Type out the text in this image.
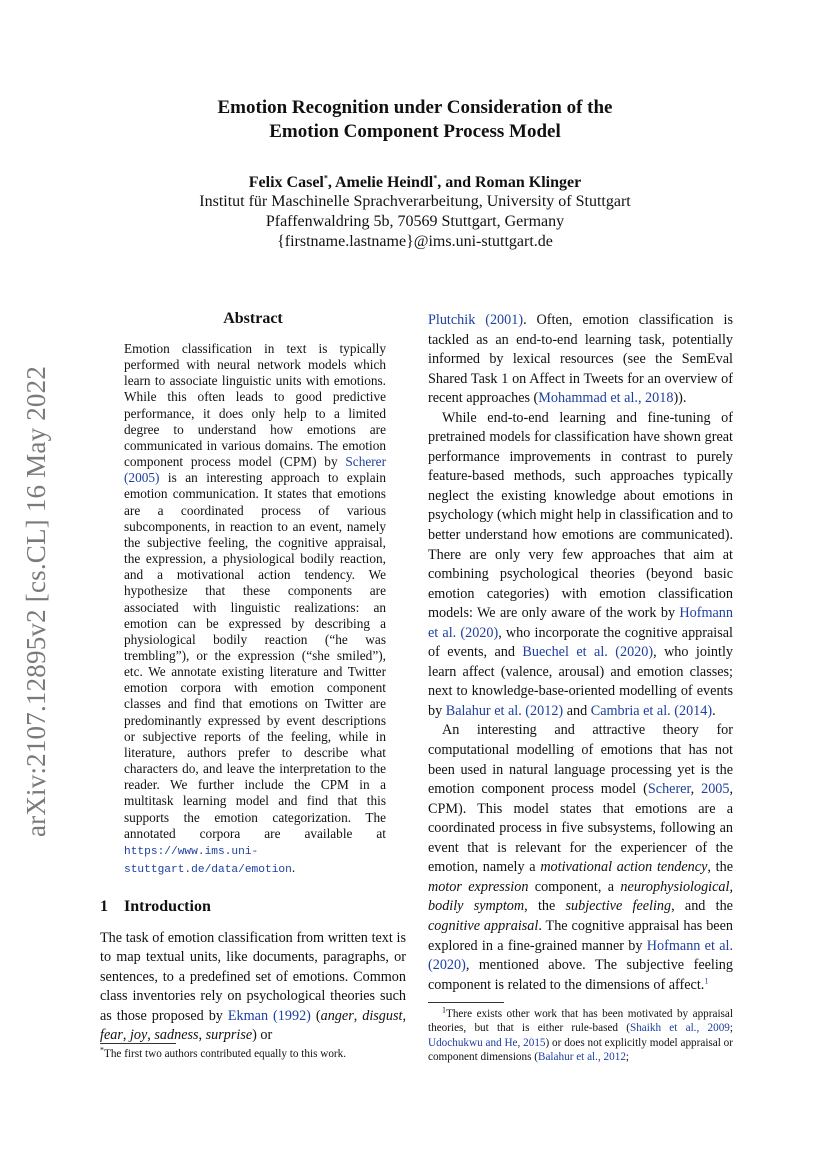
arXiv:2107.12895v2 [cs.CL] 16 May 2022
Emotion Recognition under Consideration of the
Emotion Component Process Model
Felix Casel*, Amelie Heindl*, and Roman Klinger
Institut für Maschinelle Sprachverarbeitung, University of Stuttgart
Pfaffenwaldring 5b, 70569 Stuttgart, Germany
{firstname.lastname}@ims.uni-stuttgart.de
Abstract
Emotion classification in text is typically performed with neural network models which learn to associate linguistic units with emotions. While this often leads to good predictive performance, it does only help to a limited degree to understand how emotions are communicated in various domains. The emotion component process model (CPM) by Scherer (2005) is an interesting approach to explain emotion communication. It states that emotions are a coordinated process of various subcomponents, in reaction to an event, namely the subjective feeling, the cognitive appraisal, the expression, a physiological bodily reaction, and a motivational action tendency. We hypothesize that these components are associated with linguistic realizations: an emotion can be expressed by describing a physiological bodily reaction (“he was trembling”), or the expression (“she smiled”), etc. We annotate existing literature and Twitter emotion corpora with emotion component classes and find that emotions on Twitter are predominantly expressed by event descriptions or subjective reports of the feeling, while in literature, authors prefer to describe what characters do, and leave the interpretation to the reader. We further include the CPM in a multitask learning model and find that this supports the emotion categorization. The annotated corpora are available at https://www.ims.uni-stuttgart.de/data/emotion.
1 Introduction
The task of emotion classification from written text is to map textual units, like documents, paragraphs, or sentences, to a predefined set of emotions. Common class inventories rely on psychological theories such as those proposed by Ekman (1992) (anger, disgust, fear, joy, sadness, surprise) or
*The first two authors contributed equally to this work.

Plutchik (2001). Often, emotion classification is tackled as an end-to-end learning task, potentially informed by lexical resources (see the SemEval Shared Task 1 on Affect in Tweets for an overview of recent approaches (Mohammad et al., 2018)).

While end-to-end learning and fine-tuning of pretrained models for classification have shown great performance improvements in contrast to purely feature-based methods, such approaches typically neglect the existing knowledge about emotions in psychology (which might help in classification and to better understand how emotions are communicated). There are only very few approaches that aim at combining psychological theories (beyond basic emotion categories) with emotion classification models: We are only aware of the work by Hofmann et al. (2020), who incorporate the cognitive appraisal of events, and Buechel et al. (2020), who jointly learn affect (valence, arousal) and emotion classes; next to knowledge-base-oriented modelling of events by Balahur et al. (2012) and Cambria et al. (2014).

An interesting and attractive theory for computational modelling of emotions that has not been used in natural language processing yet is the emotion component process model (Scherer, 2005, CPM). This model states that emotions are a coordinated process in five subsystems, following an event that is relevant for the experiencer of the emotion, namely a motivational action tendency, the motor expression component, a neurophysiological, bodily symptom, the subjective feeling, and the cognitive appraisal. The cognitive appraisal has been explored in a fine-grained manner by Hofmann et al. (2020), mentioned above. The subjective feeling component is related to the dimensions of affect.$^1$

$^1$There exists other work that has been motivated by appraisal theories, but that is either rule-based (Shaikh et al., 2009; Udochukwu and He, 2015) or does not explicitly model appraisal or component dimensions (Balahur et al., 2012;
